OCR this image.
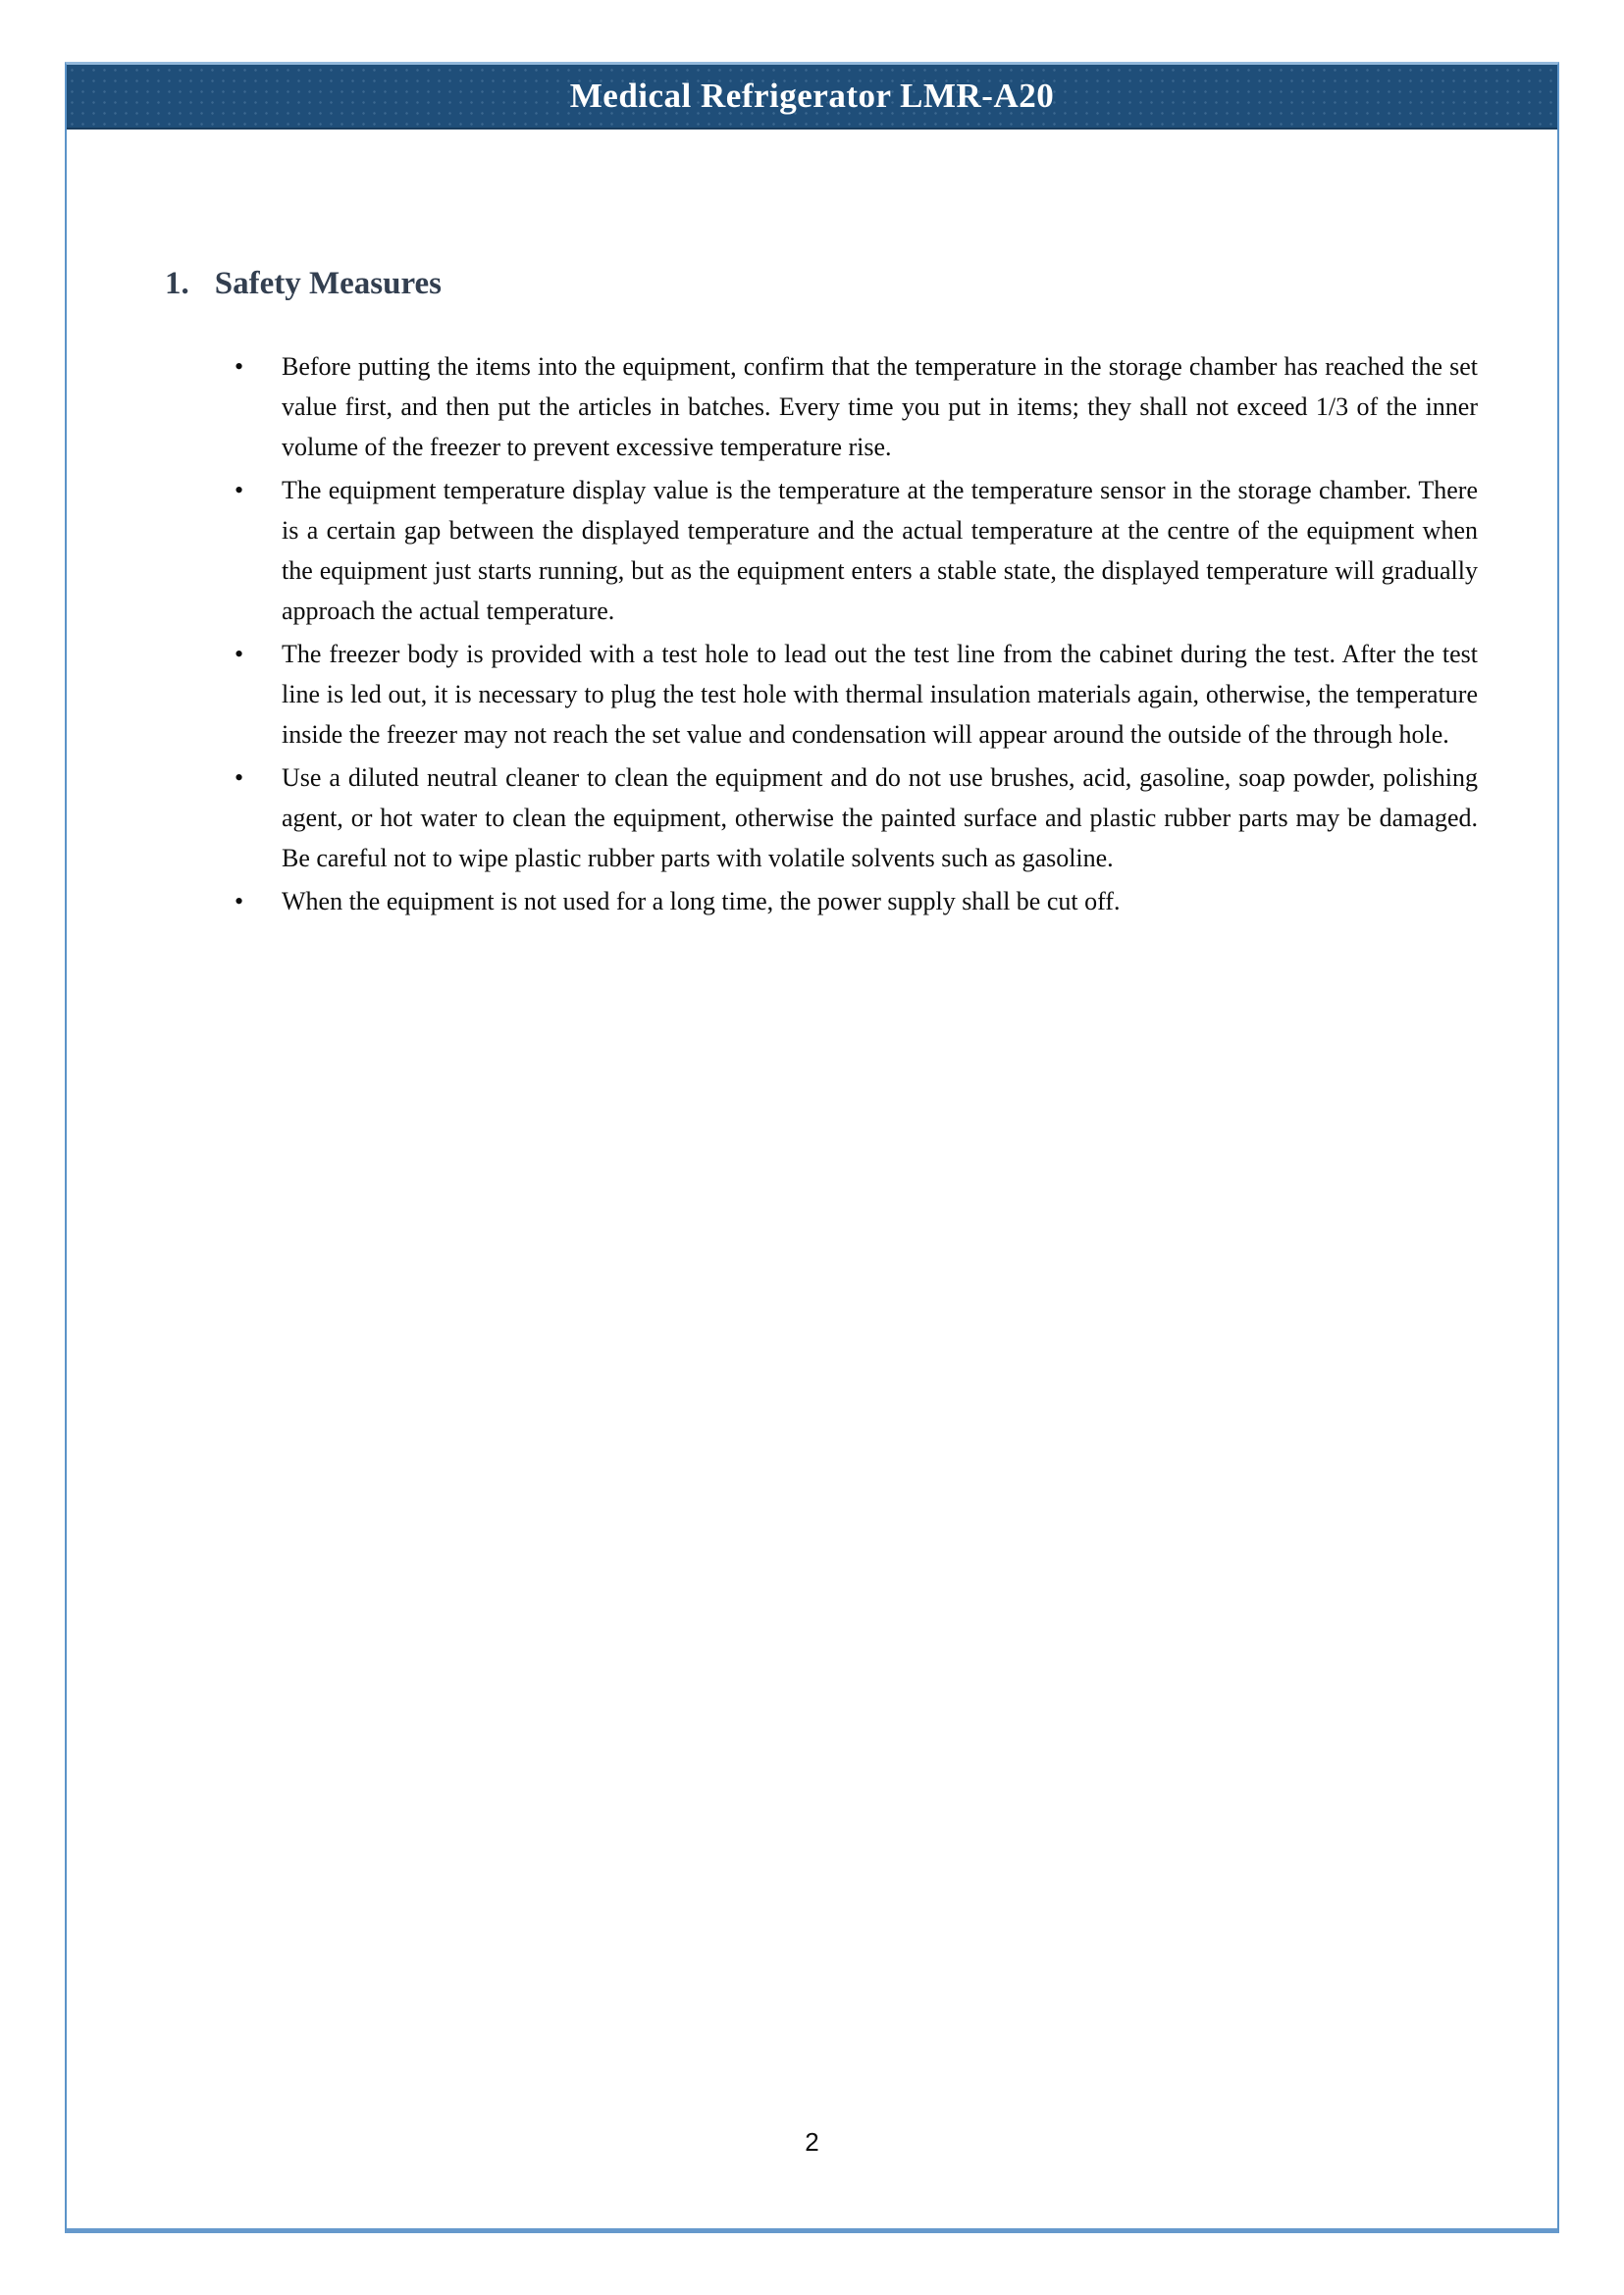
Medical Refrigerator LMR-A20
1. Safety Measures
• Before putting the items into the equipment, confirm that the temperature in the storage chamber has reached the set value first, and then put the articles in batches. Every time you put in items; they shall not exceed 1/3 of the inner volume of the freezer to prevent excessive temperature rise.
• The equipment temperature display value is the temperature at the temperature sensor in the storage chamber. There is a certain gap between the displayed temperature and the actual temperature at the centre of the equipment when the equipment just starts running, but as the equipment enters a stable state, the displayed temperature will gradually approach the actual temperature.
• The freezer body is provided with a test hole to lead out the test line from the cabinet during the test. After the test line is led out, it is necessary to plug the test hole with thermal insulation materials again, otherwise, the temperature inside the freezer may not reach the set value and condensation will appear around the outside of the through hole.
• Use a diluted neutral cleaner to clean the equipment and do not use brushes, acid, gasoline, soap powder, polishing agent, or hot water to clean the equipment, otherwise the painted surface and plastic rubber parts may be damaged. Be careful not to wipe plastic rubber parts with volatile solvents such as gasoline.
• When the equipment is not used for a long time, the power supply shall be cut off.
2
